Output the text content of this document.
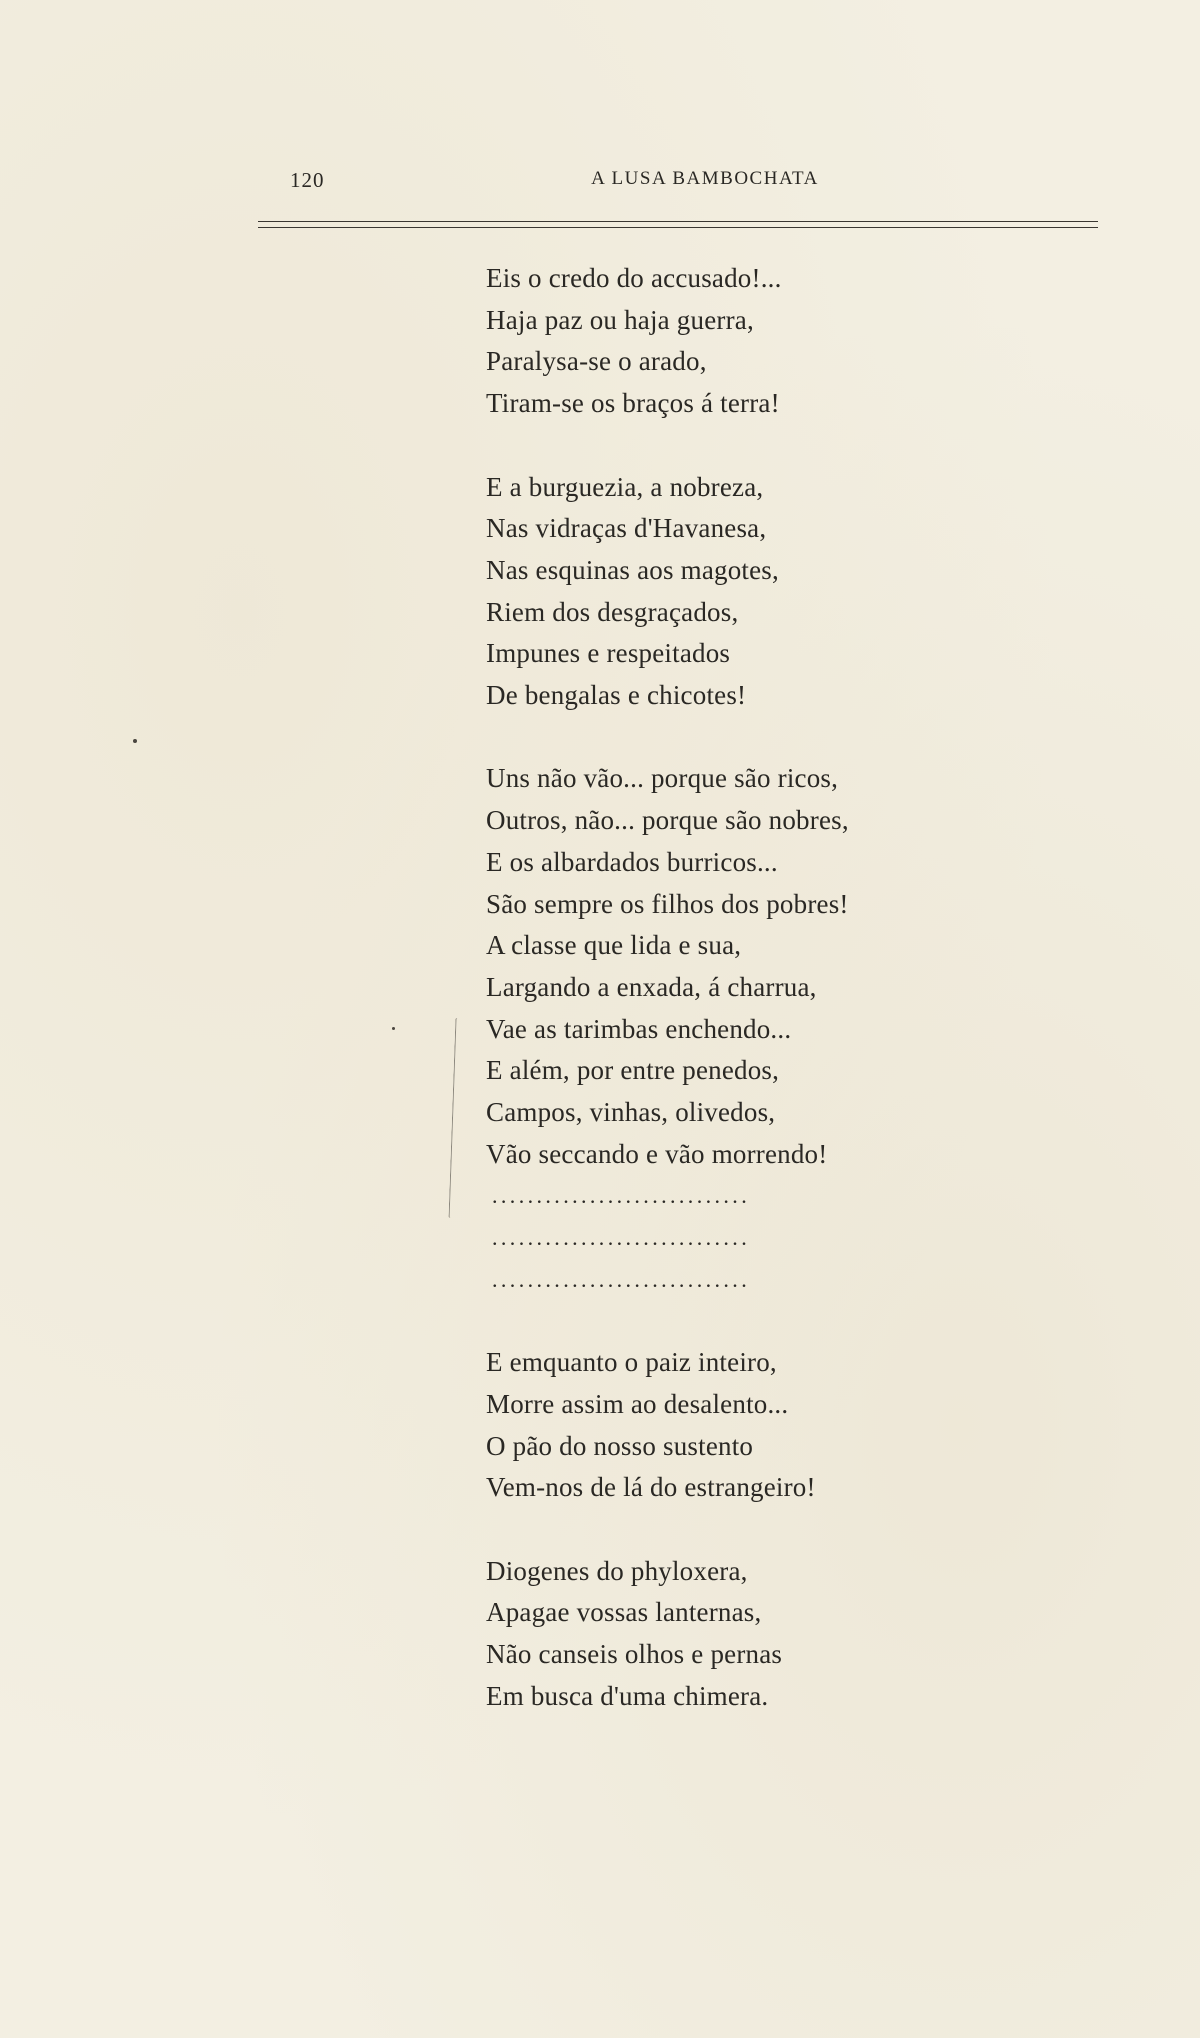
120	A LUSA BAMBOCHATA
Eis o credo do accusado!...
Haja paz ou haja guerra,
Paralysa-se o arado,
Tiram-se os braços á terra!
E a burguezia, a nobreza,
Nas vidraças d'Havanesa,
Nas esquinas aos magotes,
Riem dos desgraçados,
Impunes e respeitados
De bengalas e chicotes!
Uns não vão... porque são ricos,
Outros, não... porque são nobres,
E os albardados burricos...
São sempre os filhos dos pobres!
A classe que lida e sua,
Largando a enxada, á charrua,
Vae as tarimbas enchendo...
E além, por entre penedos,
Campos, vinhas, olivedos,
Vão seccando e vão morrendo!
.............................
.............................
.............................
E emquanto o paiz inteiro,
Morre assim ao desalento...
O pão do nosso sustento
Vem-nos de lá do estrangeiro!
Diogenes do phyloxera,
Apagae vossas lanternas,
Não canseis olhos e pernas
Em busca d'uma chimera.
